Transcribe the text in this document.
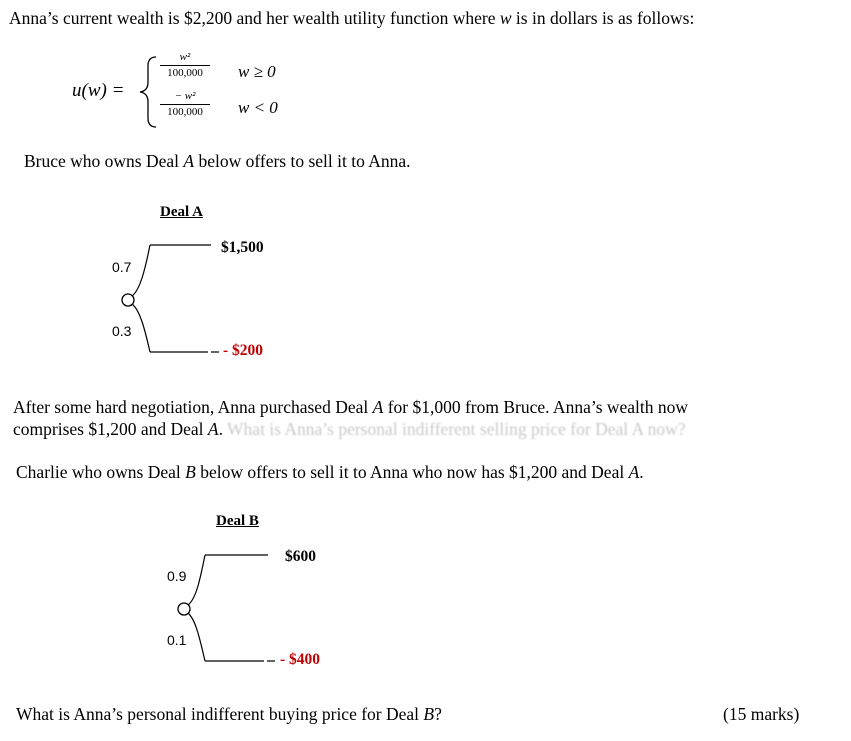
Anna’s current wealth is $2,200 and her wealth utility function where w is in dollars is as follows:
u(w) =
w²
100,000	w ≥ 0
− w²
100,000	w < 0
Bruce who owns Deal A below offers to sell it to Anna.
Deal A
0.7
0.3
$1,500
- $200
After some hard negotiation, Anna purchased Deal A for $1,000 from Bruce. Anna’s wealth now
comprises $1,200 and Deal A. What is Anna’s personal indifferent selling price for Deal A now?
Charlie who owns Deal B below offers to sell it to Anna who now has $1,200 and Deal A.
Deal B
0.9
0.1
$600
- $400
What is Anna’s personal indifferent buying price for Deal B?	(15 marks)
